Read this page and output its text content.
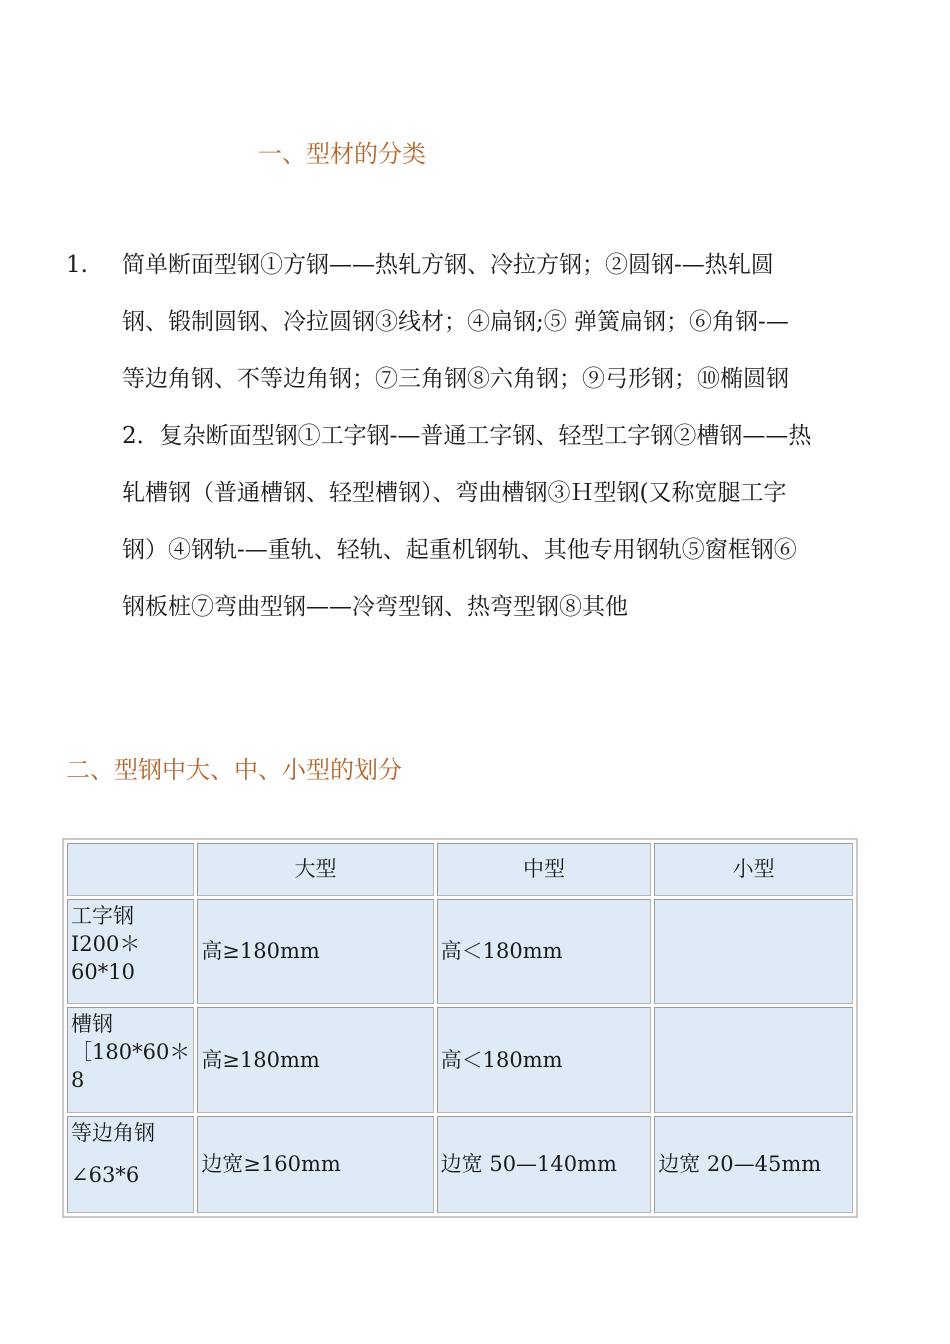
一、型材的分类
1. 简单断面型钢①方钢——热轧方钢、冷拉方钢；②圆钢-—热轧圆

钢、锻制圆钢、冷拉圆钢③线材；④扁钢;⑤ 弹簧扁钢；⑥角钢-—

等边角钢、不等边角钢；⑦三角钢⑧六角钢；⑨弓形钢；⑩椭圆钢

2．复杂断面型钢①工字钢-—普通工字钢、轻型工字钢②槽钢——热

轧槽钢（普通槽钢、轻型槽钢）、弯曲槽钢③Ｈ型钢(又称宽腿工字

钢）④钢轨-—重轨、轻轨、起重机钢轨、其他专用钢轨⑤窗框钢⑥

钢板桩⑦弯曲型钢——冷弯型钢、热弯型钢⑧其他

二、型钢中大、中、小型的划分
	大型	中型	小型

工字钢
I200＊
60*10	高≥180mm	高＜180mm	

槽钢
［180*60＊
8	高≥180mm	高＜180mm	

等边角钢
∠63*6	边宽≥160mm	边宽 50—140mm	边宽 20—45mm
